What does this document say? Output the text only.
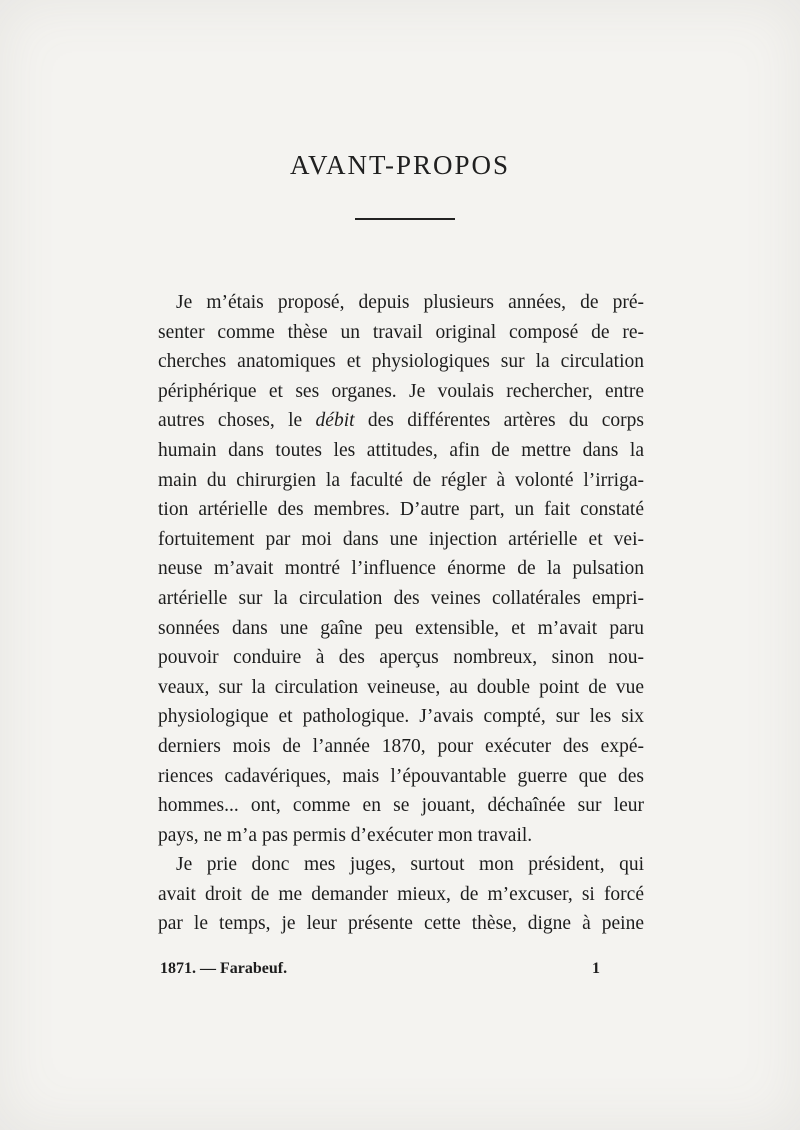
AVANT-PROPOS
Je m’étais proposé, depuis plusieurs années, de pré-
senter comme thèse un travail original composé de re-
cherches anatomiques et physiologiques sur la circulation
périphérique et ses organes. Je voulais rechercher, entre
autres choses, le débit des différentes artères du corps
humain dans toutes les attitudes, afin de mettre dans la
main du chirurgien la faculté de régler à volonté l’irriga-
tion artérielle des membres. D’autre part, un fait constaté
fortuitement par moi dans une injection artérielle et vei-
neuse m’avait montré l’influence énorme de la pulsation
artérielle sur la circulation des veines collatérales empri-
sonnées dans une gaîne peu extensible, et m’avait paru
pouvoir conduire à des aperçus nombreux, sinon nou-
veaux, sur la circulation veineuse, au double point de vue
physiologique et pathologique. J’avais compté, sur les six
derniers mois de l’année 1870, pour exécuter des expé-
riences cadavériques, mais l’épouvantable guerre que des
hommes... ont, comme en se jouant, déchaînée sur leur
pays, ne m’a pas permis d’exécuter mon travail.
Je prie donc mes juges, surtout mon président, qui
avait droit de me demander mieux, de m’excuser, si forcé
par le temps, je leur présente cette thèse, digne à peine
1871. — Farabeuf.	1
